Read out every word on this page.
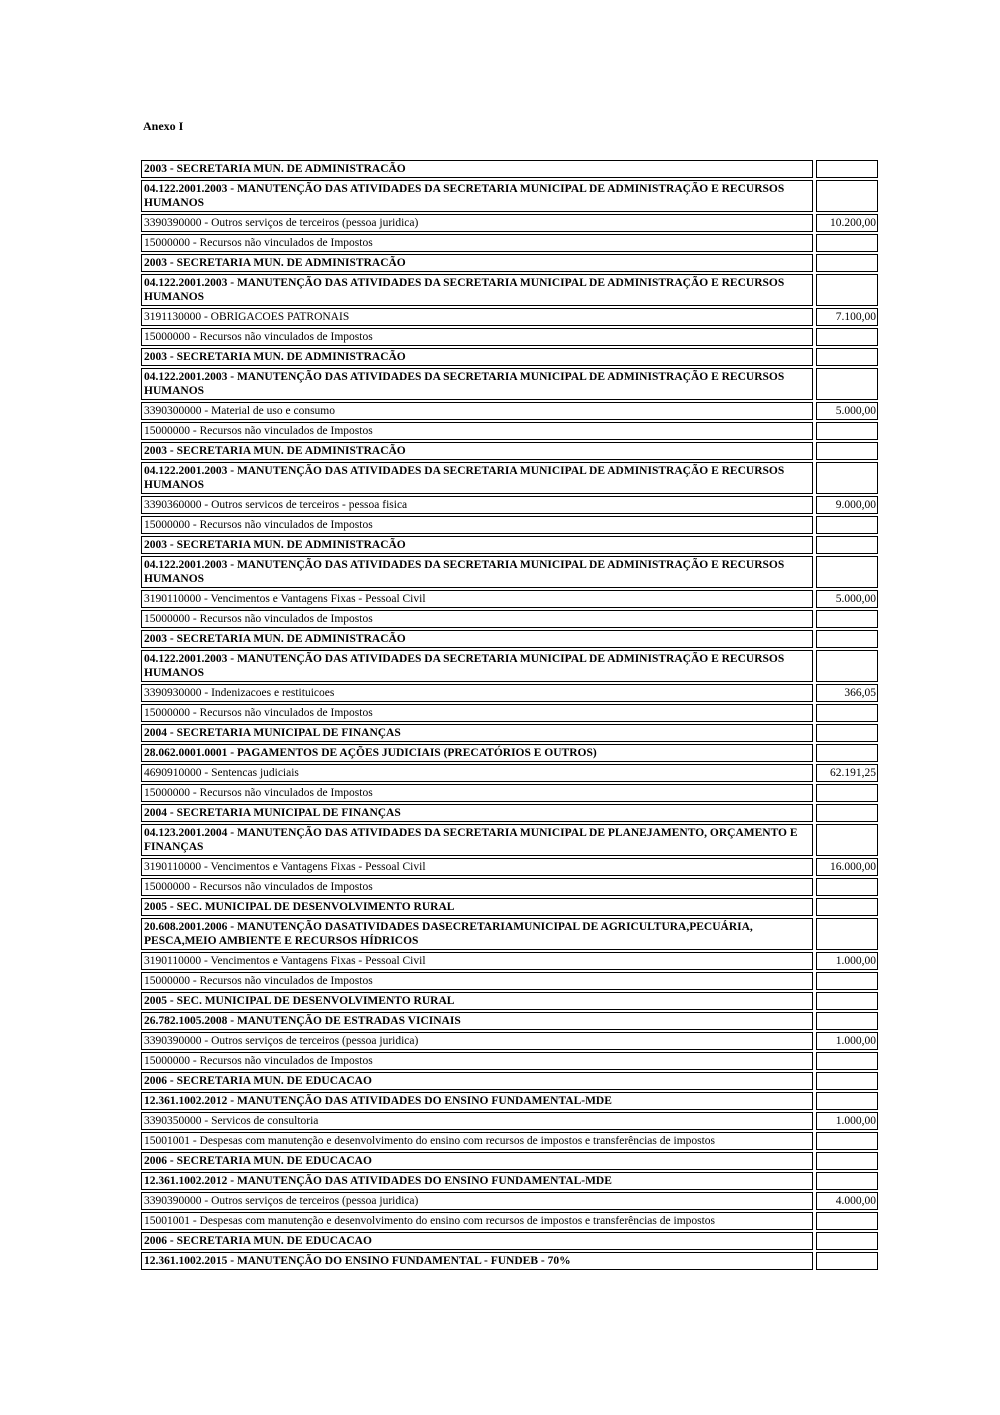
Anexo I
2003 - SECRETARIA MUN. DE ADMINISTRACÃO		
04.122.2001.2003 - MANUTENÇÃO DAS ATIVIDADES DA SECRETARIA MUNICIPAL DE ADMINISTRAÇÃO E RECURSOS HUMANOS		
3390390000 - Outros serviços de terceiros (pessoa juridica)		10.200,00
15000000 - Recursos não vinculados de Impostos		
2003 - SECRETARIA MUN. DE ADMINISTRACÃO		
04.122.2001.2003 - MANUTENÇÃO DAS ATIVIDADES DA SECRETARIA MUNICIPAL DE ADMINISTRAÇÃO E RECURSOS HUMANOS		
3191130000 - OBRIGACOES PATRONAIS		7.100,00
15000000 - Recursos não vinculados de Impostos		
2003 - SECRETARIA MUN. DE ADMINISTRACÃO		
04.122.2001.2003 - MANUTENÇÃO DAS ATIVIDADES DA SECRETARIA MUNICIPAL DE ADMINISTRAÇÃO E RECURSOS HUMANOS		
3390300000 - Material de uso e consumo		5.000,00
15000000 - Recursos não vinculados de Impostos		
2003 - SECRETARIA MUN. DE ADMINISTRACÃO		
04.122.2001.2003 - MANUTENÇÃO DAS ATIVIDADES DA SECRETARIA MUNICIPAL DE ADMINISTRAÇÃO E RECURSOS HUMANOS		
3390360000 - Outros servicos de terceiros - pessoa fisica		9.000,00
15000000 - Recursos não vinculados de Impostos		
2003 - SECRETARIA MUN. DE ADMINISTRACÃO		
04.122.2001.2003 - MANUTENÇÃO DAS ATIVIDADES DA SECRETARIA MUNICIPAL DE ADMINISTRAÇÃO E RECURSOS HUMANOS		
3190110000 - Vencimentos e Vantagens Fixas - Pessoal Civil		5.000,00
15000000 - Recursos não vinculados de Impostos		
2003 - SECRETARIA MUN. DE ADMINISTRACÃO		
04.122.2001.2003 - MANUTENÇÃO DAS ATIVIDADES DA SECRETARIA MUNICIPAL DE ADMINISTRAÇÃO E RECURSOS HUMANOS		
3390930000 - Indenizacoes e restituicoes		366,05
15000000 - Recursos não vinculados de Impostos		
2004 - SECRETARIA MUNICIPAL DE FINANÇAS		
28.062.0001.0001 - PAGAMENTOS DE AÇÕES JUDICIAIS (PRECATÓRIOS E OUTROS)		
4690910000 - Sentencas judiciais		62.191,25
15000000 - Recursos não vinculados de Impostos		
2004 - SECRETARIA MUNICIPAL DE FINANÇAS		
04.123.2001.2004 - MANUTENÇÃO DAS ATIVIDADES DA SECRETARIA MUNICIPAL DE PLANEJAMENTO, ORÇAMENTO E FINANÇAS		
3190110000 - Vencimentos e Vantagens Fixas - Pessoal Civil		16.000,00
15000000 - Recursos não vinculados de Impostos		
2005 - SEC. MUNICIPAL DE DESENVOLVIMENTO RURAL		
20.608.2001.2006 - MANUTENÇÃO DASATIVIDADES DASECRETARIAMUNICIPAL DE AGRICULTURA,PECUÁRIA, PESCA,MEIO AMBIENTE E RECURSOS HÍDRICOS		
3190110000 - Vencimentos e Vantagens Fixas - Pessoal Civil		1.000,00
15000000 - Recursos não vinculados de Impostos		
2005 - SEC. MUNICIPAL DE DESENVOLVIMENTO RURAL		
26.782.1005.2008 - MANUTENÇÃO DE ESTRADAS VICINAIS		
3390390000 - Outros serviços de terceiros (pessoa juridica)		1.000,00
15000000 - Recursos não vinculados de Impostos		
2006 - SECRETARIA MUN. DE EDUCACAO		
12.361.1002.2012 - MANUTENÇÃO DAS ATIVIDADES DO ENSINO FUNDAMENTAL-MDE		
3390350000 - Servicos de consultoria		1.000,00
15001001 - Despesas com manutenção e desenvolvimento do ensino com recursos de impostos e transferências de impostos		
2006 - SECRETARIA MUN. DE EDUCACAO		
12.361.1002.2012 - MANUTENÇÃO DAS ATIVIDADES DO ENSINO FUNDAMENTAL-MDE		
3390390000 - Outros serviços de terceiros (pessoa juridica)		4.000,00
15001001 - Despesas com manutenção e desenvolvimento do ensino com recursos de impostos e transferências de impostos		
2006 - SECRETARIA MUN. DE EDUCACAO		
12.361.1002.2015 - MANUTENÇÃO DO ENSINO FUNDAMENTAL - FUNDEB - 70%		
